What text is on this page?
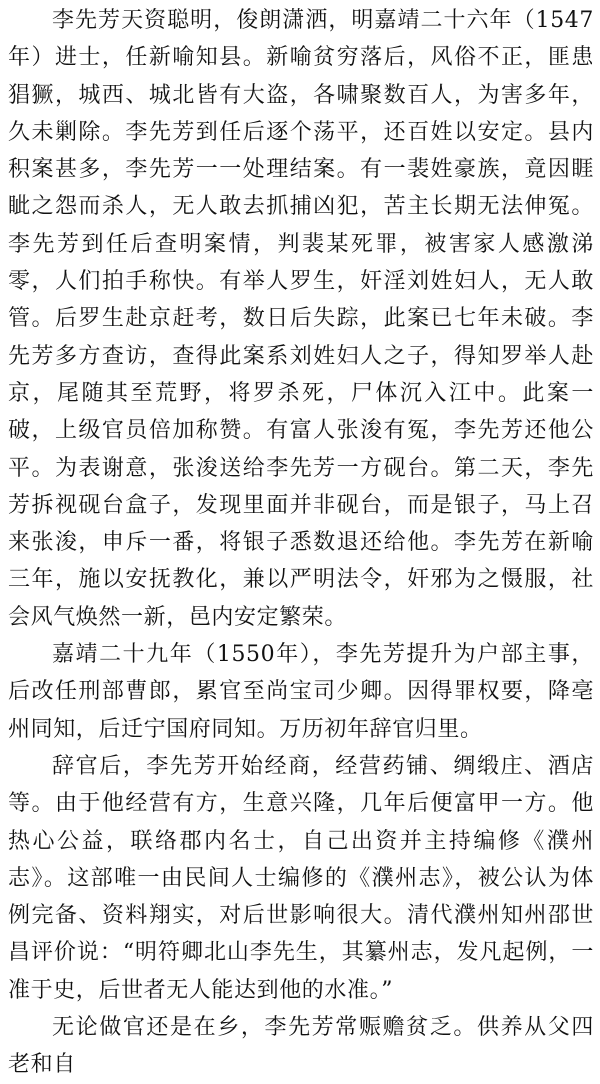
李先芳天资聪明，俊朗潇洒，明嘉靖二十六年（1547年）进士，任新喻知县。新喻贫穷落后，风俗不正，匪患猖獗，城西、城北皆有大盗，各啸聚数百人，为害多年，久未剿除。李先芳到任后逐个荡平，还百姓以安定。县内积案甚多，李先芳一一处理结案。有一裴姓豪族，竟因睚眦之怨而杀人，无人敢去抓捕凶犯，苦主长期无法伸冤。李先芳到任后查明案情，判裴某死罪，被害家人感激涕零，人们拍手称快。有举人罗生，奸淫刘姓妇人，无人敢管。后罗生赴京赶考，数日后失踪，此案已七年未破。李先芳多方查访，查得此案系刘姓妇人之子，得知罗举人赴京，尾随其至荒野，将罗杀死，尸体沉入江中。此案一破，上级官员倍加称赞。有富人张浚有冤，李先芳还他公平。为表谢意，张浚送给李先芳一方砚台。第二天，李先芳拆视砚台盒子，发现里面并非砚台，而是银子，马上召来张浚，申斥一番，将银子悉数退还给他。李先芳在新喻三年，施以安抚教化，兼以严明法令，奸邪为之慑服，社会风气焕然一新，邑内安定繁荣。

嘉靖二十九年（1550年），李先芳提升为户部主事，后改任刑部曹郎，累官至尚宝司少卿。因得罪权要，降亳州同知，后迁宁国府同知。万历初年辞官归里。

辞官后，李先芳开始经商，经营药铺、绸缎庄、酒店等。由于他经营有方，生意兴隆，几年后便富甲一方。他热心公益，联络郡内名士，自己出资并主持编修《濮州志》。这部唯一由民间人士编修的《濮州志》，被公认为体例完备、资料翔实，对后世影响很大。清代濮州知州邵世昌评价说：“明符卿北山李先生，其纂州志，发凡起例，一准于史，后世者无人能达到他的水准。”

无论做官还是在乡，李先芳常赈赡贫乏。供养从父四老和自
